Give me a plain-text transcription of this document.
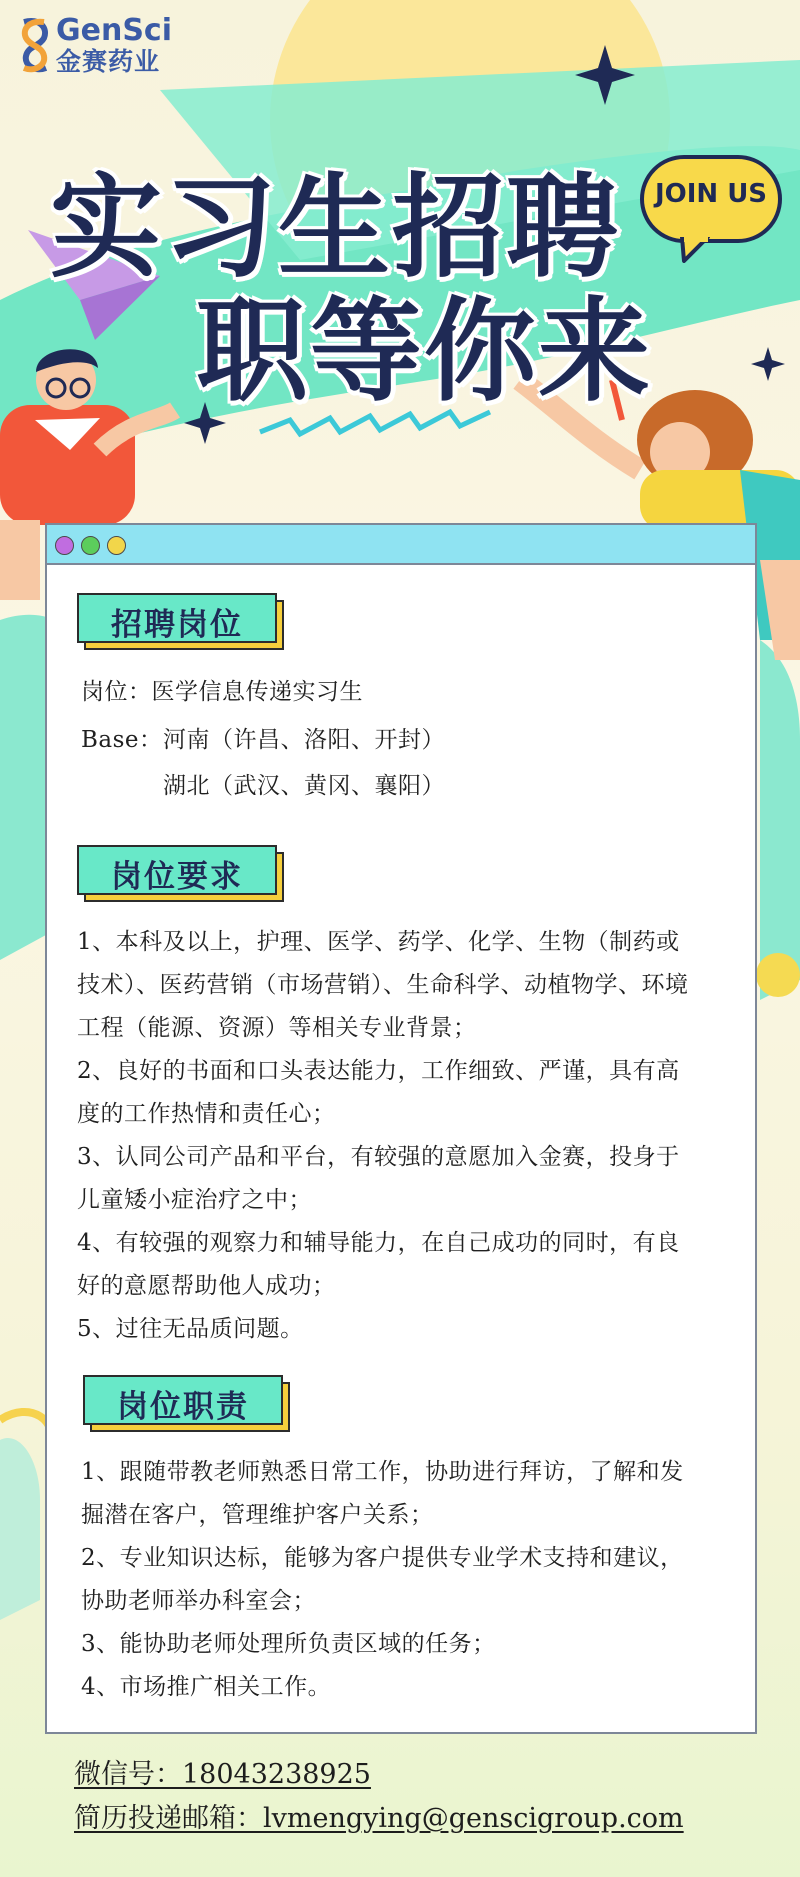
GenSci
金赛药业
实习生招聘
职等你来
JOIN US
招聘岗位
岗位：医学信息传递实习生
Base：河南（许昌、洛阳、开封）
湖北（武汉、黄冈、襄阳）
岗位要求
1、本科及以上，护理、医学、药学、化学、生物（制药或
技术）、医药营销（市场营销）、生命科学、动植物学、环境
工程（能源、资源）等相关专业背景；
2、良好的书面和口头表达能力，工作细致、严谨，具有高
度的工作热情和责任心；
3、认同公司产品和平台，有较强的意愿加入金赛，投身于
儿童矮小症治疗之中；
4、有较强的观察力和辅导能力，在自己成功的同时，有良
好的意愿帮助他人成功；
5、过往无品质问题。
岗位职责
1、跟随带教老师熟悉日常工作，协助进行拜访，了解和发
掘潜在客户，管理维护客户关系；
2、专业知识达标，能够为客户提供专业学术支持和建议，
协助老师举办科室会；
3、能协助老师处理所负责区域的任务；
4、市场推广相关工作。
微信号：18043238925
简历投递邮箱：lvmengying@genscigroup.com
